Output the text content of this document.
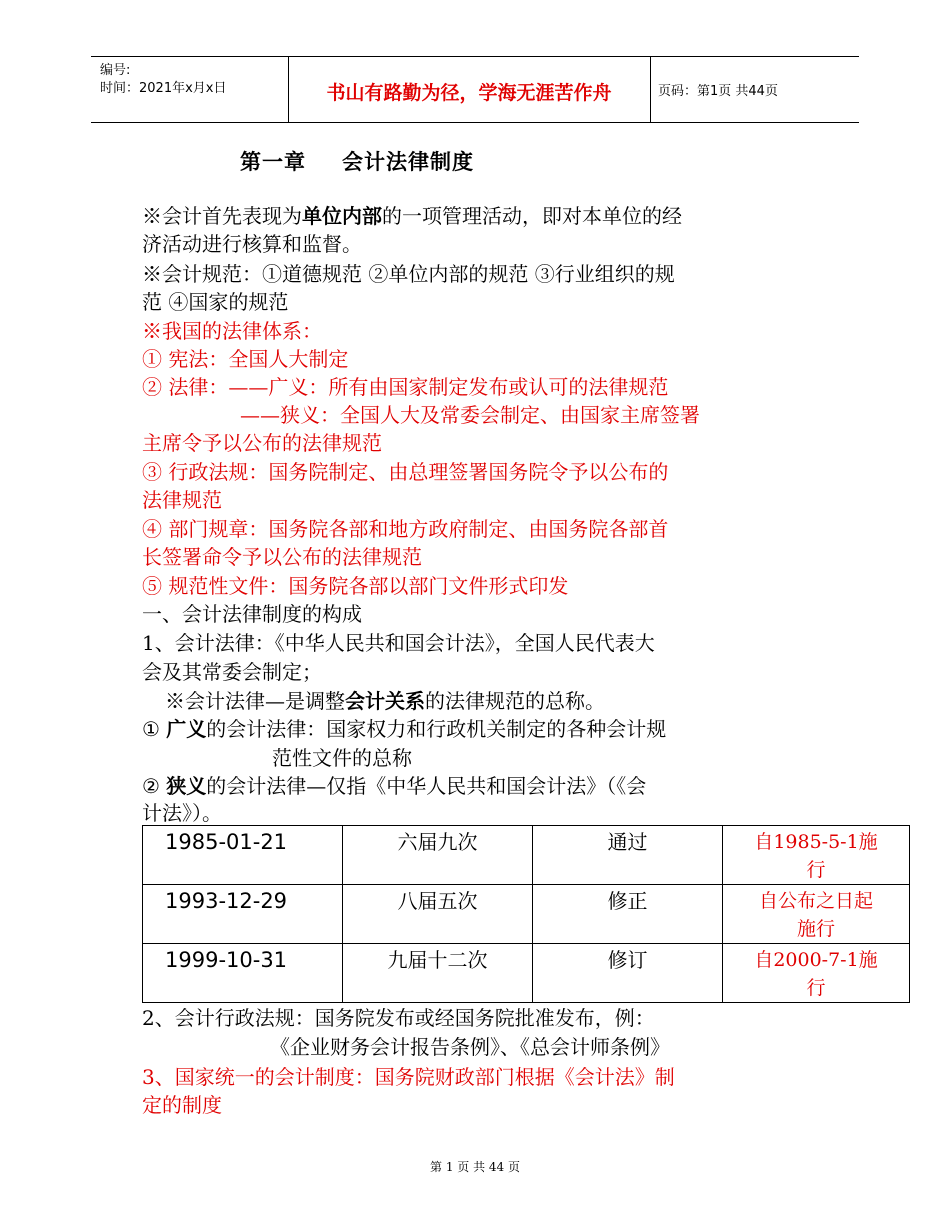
编号:
时间：2021年x月x日	书山有路勤为径，学海无涯苦作舟	页码：第1页 共44页
第一章 会计法律制度
※会计首先表现为单位内部的一项管理活动，即对本单位的经
济活动进行核算和监督。
※会计规范：①道德规范 ②单位内部的规范 ③行业组织的规
范 ④国家的规范
※我国的法律体系：
① 宪法：全国人大制定
② 法律：——广义：所有由国家制定发布或认可的法律规范
——狭义：全国人大及常委会制定、由国家主席签署
主席令予以公布的法律规范
③ 行政法规：国务院制定、由总理签署国务院令予以公布的
法律规范
④ 部门规章：国务院各部和地方政府制定、由国务院各部首
长签署命令予以公布的法律规范
⑤ 规范性文件：国务院各部以部门文件形式印发
一、会计法律制度的构成
1、会计法律：《中华人民共和国会计法》，全国人民代表大
会及其常委会制定；
※会计法律—是调整会计关系的法律规范的总称。
① 广义的会计法律：国家权力和行政机关制定的各种会计规
范性文件的总称
② 狭义的会计法律—仅指《中华人民共和国会计法》（《会
计法》）。
1985-01-21	六届九次	通过	自1985-5-1施
行

1993-12-29	八届五次	修正	自公布之日起
施行

1999-10-31	九届十二次	修订	自2000-7-1施
行
2、会计行政法规：国务院发布或经国务院批准发布，例：
《企业财务会计报告条例》、《总会计师条例》
3、国家统一的会计制度：国务院财政部门根据《会计法》制
定的制度
第 1 页 共 44 页
